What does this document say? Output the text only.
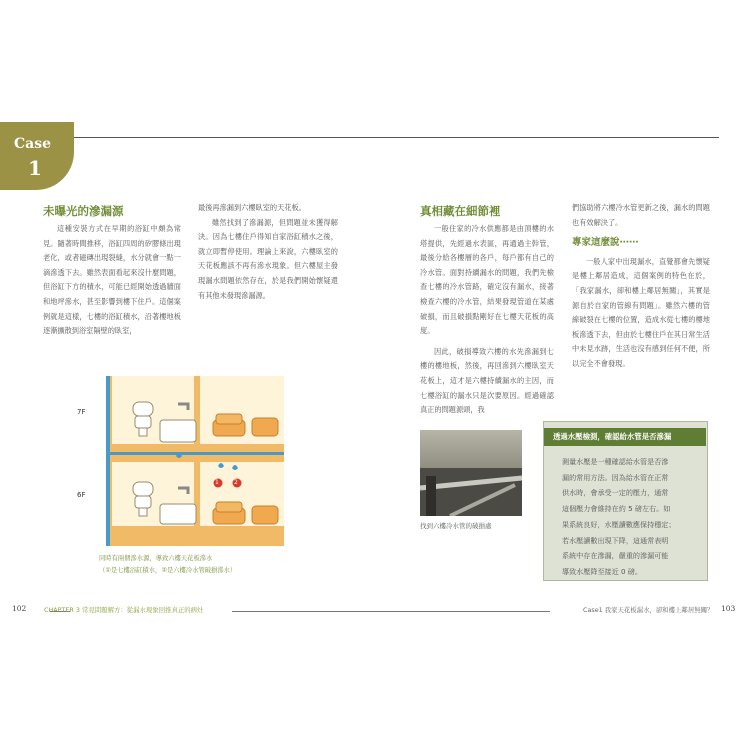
Case
1
未曝光的滲漏源

這種安裝方式在早期的浴缸中頗為常見。隨著時間推移，浴缸四周的矽膠條出現老化，或者磁磚出現裂縫，水分就會一點一滴滲透下去。雖然表面看起來沒什麼問題，但浴缸下方的積水，可能已經開始透過牆面和地坪滲水，甚至影響到樓下住戶。這個案例就是這樣，七樓的浴缸積水，沿著樓地板逐漸擴散到浴室隔壁的臥室，

最後再滲漏到六樓臥室的天花板。

雖然找到了滲漏源，但問題並未獲得解決。因為七樓住戶得知自家浴缸積水之後，就立即暫停使用。理論上來說，六樓臥室的天花板應該不再有滲水現象。但六樓屋主發現漏水問題依然存在，於是我們開始懷疑還有其他未發現滲漏源。

7F
6F
1	2
同時有兩個滲水源，導致六樓天花板滲水
（①是七樓浴缸積水，②是六樓冷水管破損滲水）
真相藏在細節裡

一般住家的冷水供應都是由頂樓的水塔提供，先經過水表區，再通過主幹管，最後分給各樓層的各戶，每戶都有自己的冷水管。面對持續漏水的問題，我們先檢查七樓的冷水管路，確定沒有漏水，接著檢查六樓的冷水管，結果發現管道在某處破損，而且破損點剛好在七樓天花板的高度。

因此，破損導致六樓的水先滲漏到七樓的樓地板，然後，再回滲到六樓臥室天花板上，這才是六樓持續漏水的主因，而七樓浴缸的漏水只是次要原因。經過確認真正的問題源頭，我

們協助將六樓冷水管更新之後，漏水的問題也有效解決了。

專家這麼說⋯⋯

一般人家中出現漏水，直覺都會先懷疑是樓上鄰居造成，這個案例的特色在於，「我家漏水，卻和樓上鄰居無關」，其實是源自於自家的管線有問題」。雖然六樓的管線破裂在七樓的位置，造成水從七樓的樓地板滲透下去，但由於七樓住戶在其日常生活中未見水跡，生活也沒有感到任何不便，所以完全不會發現。

找到六樓冷水管的破損處
透過水壓檢測，確認給水管是否滲漏
測量水壓是一種確認給水管是否滲
漏的常用方法。因為給水管在正常
供水時，會承受一定的壓力，通常
這個壓力會維持在約 5 磅左右。如
果系統良好，水壓讀數應保持穩定；
若水壓讀數出現下降，這通常表明
系統中存在滲漏，嚴重的滲漏可能
導致水壓降至接近 0 磅。
102	CHAPTER 3 常見問題解方：從漏水現象回推真正的病灶	Case1 我家天花板漏水，卻和樓上鄰居無關？ 103
